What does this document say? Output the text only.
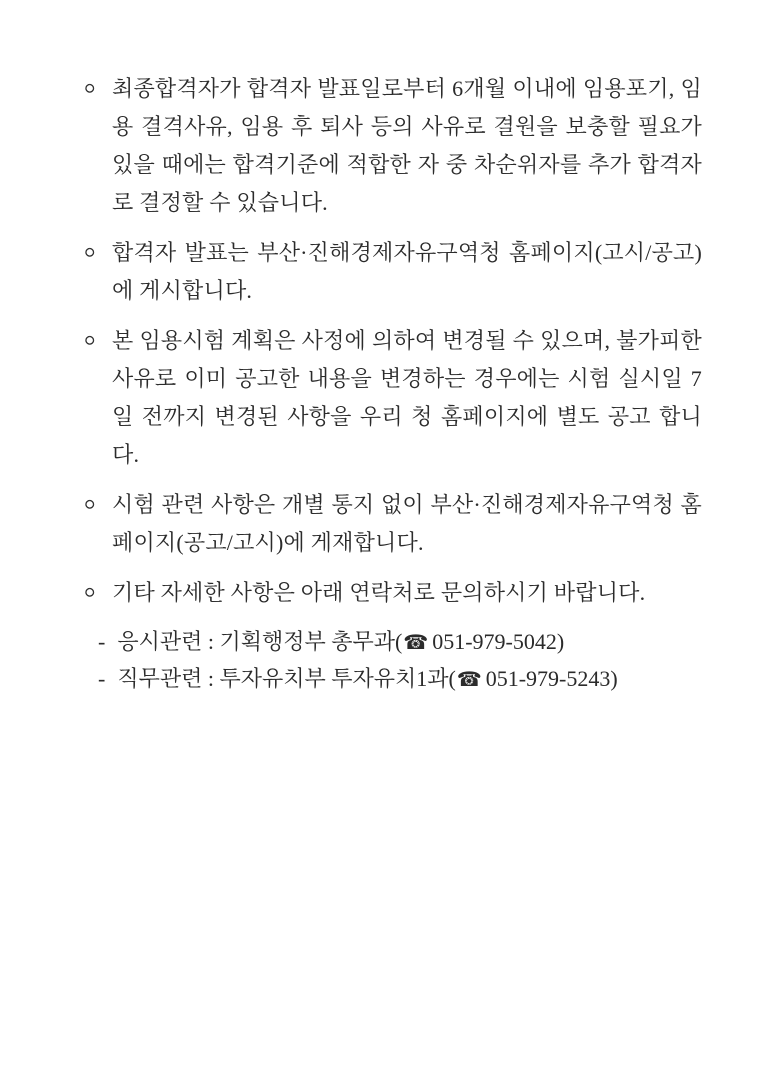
○ 최종합격자가 합격자 발표일로부터 6개월 이내에 임용포기, 임용 결격사유, 임용 후 퇴사 등의 사유로 결원을 보충할 필요가 있을 때에는 합격기준에 적합한 자 중 차순위자를 추가 합격자로 결정할 수 있습니다.

○ 합격자 발표는 부산·진해경제자유구역청 홈페이지(고시/공고)에 게시합니다.

○ 본 임용시험 계획은 사정에 의하여 변경될 수 있으며, 불가피한 사유로 이미 공고한 내용을 변경하는 경우에는 시험 실시일 7일 전까지 변경된 사항을 우리 청 홈페이지에 별도 공고 합니다.

○ 시험 관련 사항은 개별 통지 없이 부산·진해경제자유구역청 홈페이지(공고/고시)에 게재합니다.

○ 기타 자세한 사항은 아래 연락처로 문의하시기 바랍니다.

- 응시관련 : 기획행정부 총무과(☎ 051-979-5042)
- 직무관련 : 투자유치부 투자유치1과(☎ 051-979-5243)
